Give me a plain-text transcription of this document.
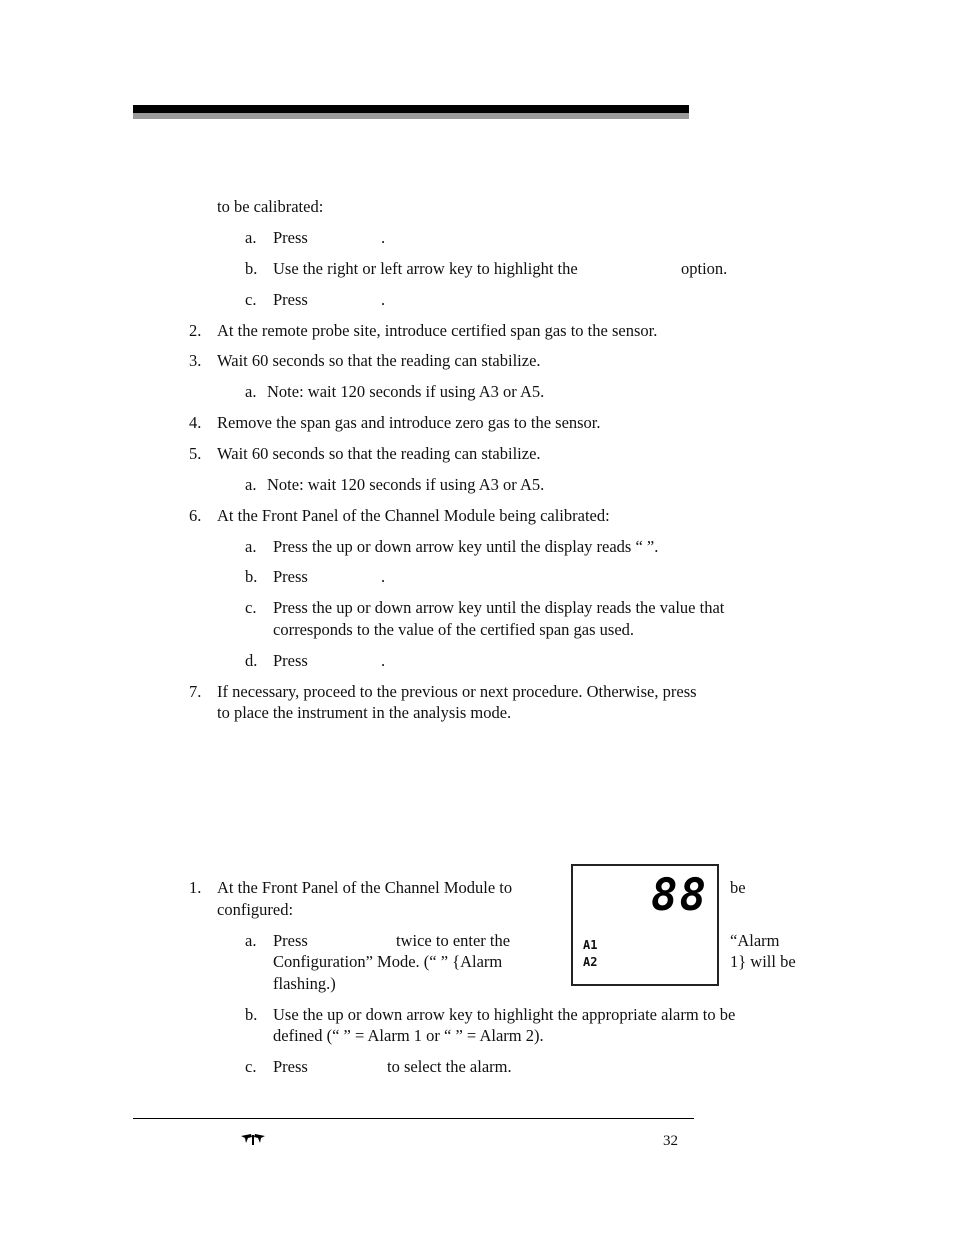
to be calibrated:
a. Press	.
b. Use the right or left arrow key to highlight the	option.
c. Press	.
2. At the remote probe site, introduce certified span gas to the sensor.
3. Wait 60 seconds so that the reading can stabilize.
a. Note: wait 120 seconds if using A3 or A5.
4. Remove the span gas and introduce zero gas to the sensor.
5. Wait 60 seconds so that the reading can stabilize.
a. Note: wait 120 seconds if using A3 or A5.
6. At the Front Panel of the Channel Module being calibrated:
a. Press the up or down arrow key until the display reads “ ”.
b. Press	.
c. Press the up or down arrow key until the display reads the value that
corresponds to the value of the certified span gas used.
d. Press	.
7. If necessary, proceed to the previous or next procedure. Otherwise, press
to place the instrument in the analysis mode.
1. At the Front Panel of the Channel Module to	be
configured:
a. Press	twice to enter the	“Alarm
Configuration” Mode. (“ ” {Alarm	1} will be
flashing.)
88
A1
A2
b. Use the up or down arrow key to highlight the appropriate alarm to be
defined (“ ” = Alarm 1 or “ ” = Alarm 2).
c. Press	to select the alarm.
32
